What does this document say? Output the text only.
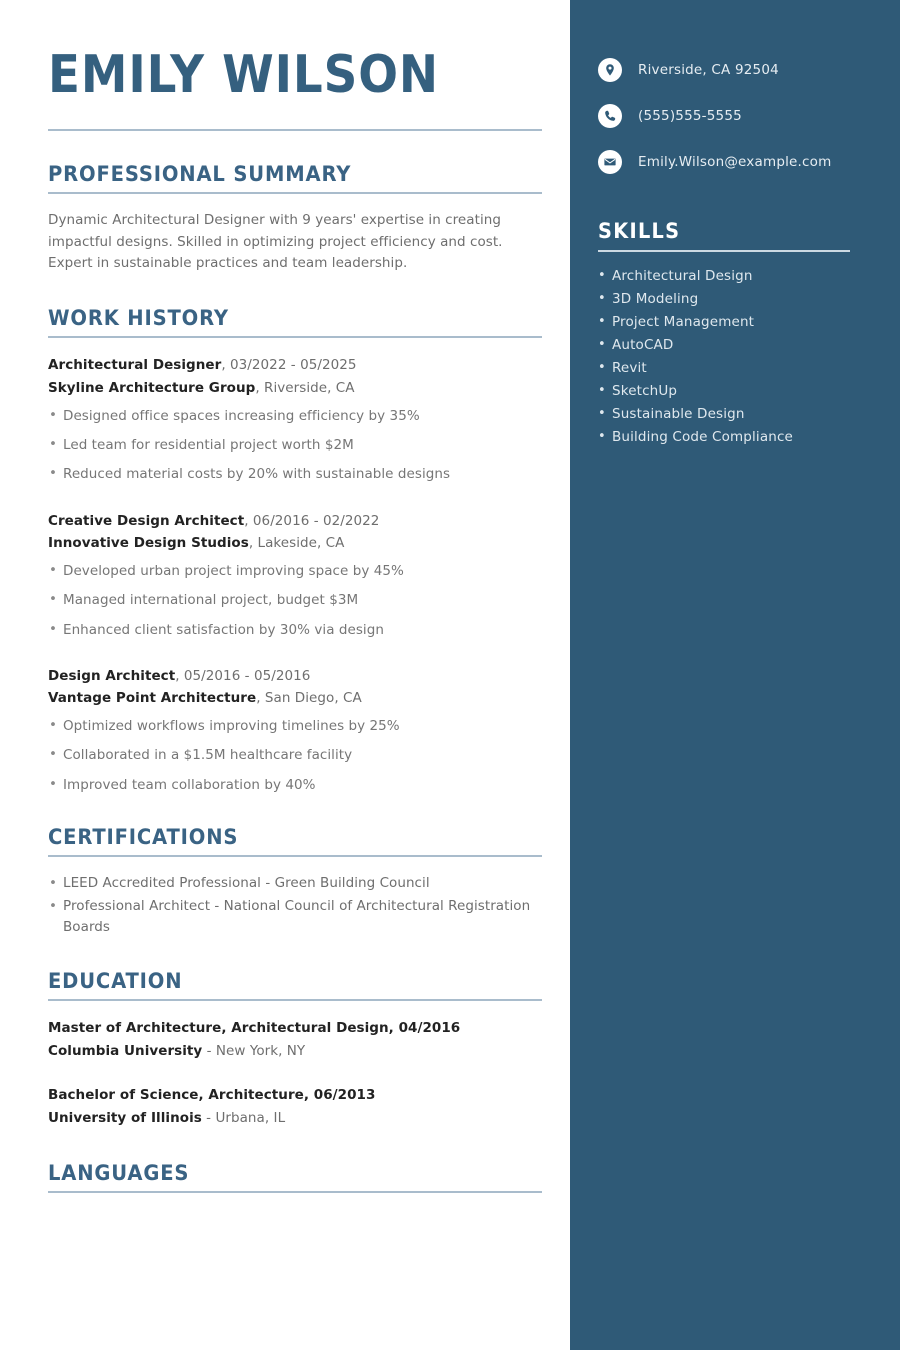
EMILY WILSON
PROFESSIONAL SUMMARY

Dynamic Architectural Designer with 9 years' expertise in creating impactful designs. Skilled in optimizing project efficiency and cost. Expert in sustainable practices and team leadership.

WORK HISTORY
Architectural Designer, 03/2022 - 05/2025
Skyline Architecture Group, Riverside, CA
• Designed office spaces increasing efficiency by 35%
• Led team for residential project worth $2M
• Reduced material costs by 20% with sustainable designs
Creative Design Architect, 06/2016 - 02/2022
Innovative Design Studios, Lakeside, CA
• Developed urban project improving space by 45%
• Managed international project, budget $3M
• Enhanced client satisfaction by 30% via design
Design Architect, 05/2016 - 05/2016
Vantage Point Architecture, San Diego, CA
• Optimized workflows improving timelines by 25%
• Collaborated in a $1.5M healthcare facility
• Improved team collaboration by 40%
CERTIFICATIONS
• LEED Accredited Professional - Green Building Council
• Professional Architect - National Council of Architectural Registration Boards
EDUCATION
Master of Architecture, Architectural Design, 04/2016
Columbia University - New York, NY
Bachelor of Science, Architecture, 06/2013
University of Illinois - Urbana, IL
LANGUAGES
Riverside, CA 92504
(555)555-5555
Emily.Wilson@example.com
SKILLS
• Architectural Design
• 3D Modeling
• Project Management
• AutoCAD
• Revit
• SketchUp
• Sustainable Design
• Building Code Compliance
